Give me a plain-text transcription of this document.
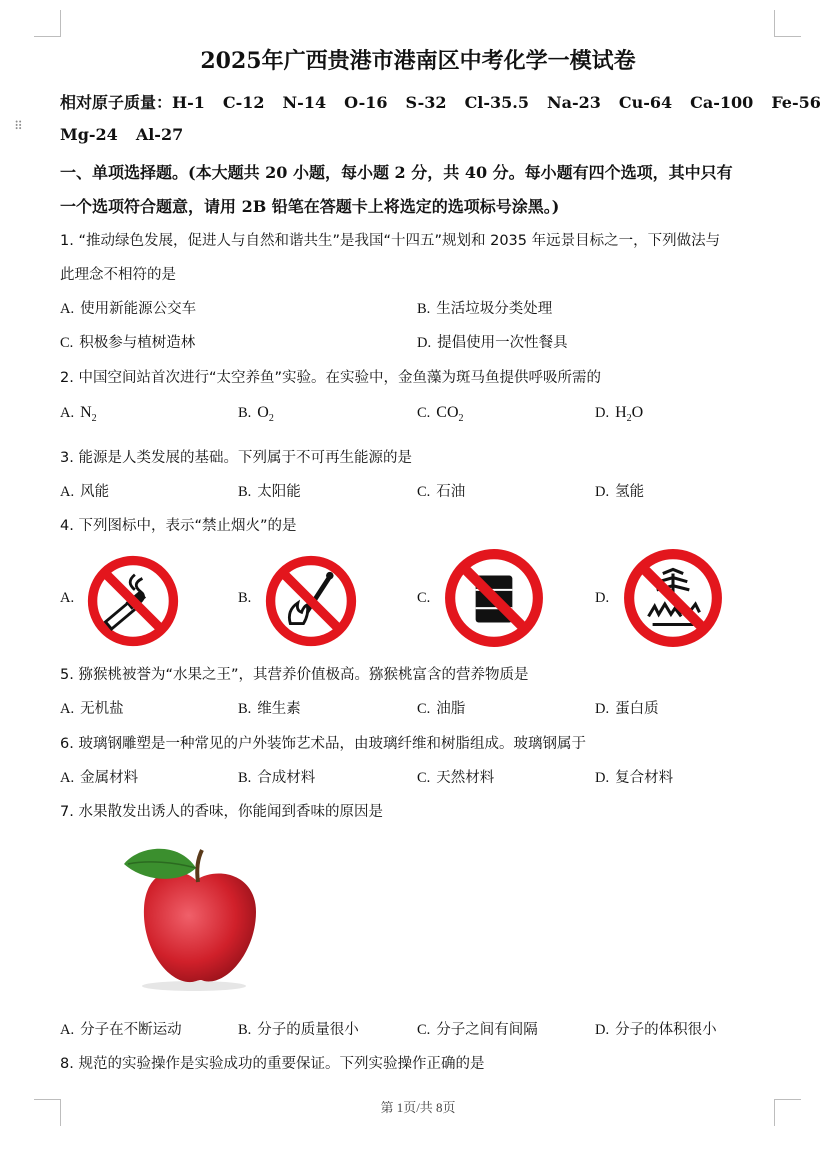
⠿
2025年广西贵港市港南区中考化学一模试卷
相对原子质量：H-1 C-12 N-14 O-16 S-32 Cl-35.5 Na-23 Cu-64 Ca-100 Fe-56
Mg-24 Al-27
一、单项选择题。(本大题共 20 小题，每小题 2 分，共 40 分。每小题有四个选项，其中只有
一个选项符合题意，请用 2B 铅笔在答题卡上将选定的选项标号涂黑。)
1. “推动绿色发展，促进人与自然和谐共生”是我国“十四五”规划和 2035 年远景目标之一，下列做法与
此理念不相符的是
A. 使用新能源公交车	B. 生活垃圾分类处理
C. 积极参与植树造林	D. 提倡使用一次性餐具
2. 中国空间站首次进行“太空养鱼”实验。在实验中，金鱼藻为斑马鱼提供呼吸所需的
A. $N_2$	B. $O_2$	C. $CO_2$	D. $H_2O$
3. 能源是人类发展的基础。下列属于不可再生能源的是
A. 风能	B. 太阳能	C. 石油	D. 氢能
4. 下列图标中，表示“禁止烟火”的是
A.	B.	C.	D.
5. 猕猴桃被誉为“水果之王”，其营养价值极高。猕猴桃富含的营养物质是
A. 无机盐	B. 维生素	C. 油脂	D. 蛋白质
6. 玻璃钢雕塑是一种常见的户外装饰艺术品，由玻璃纤维和树脂组成。玻璃钢属于
A. 金属材料	B. 合成材料	C. 天然材料	D. 复合材料
7. 水果散发出诱人的香味，你能闻到香味的原因是
A. 分子在不断运动	B. 分子的质量很小	C. 分子之间有间隔	D. 分子的体积很小
8. 规范的实验操作是实验成功的重要保证。下列实验操作正确的是
第 1页/共 8页
